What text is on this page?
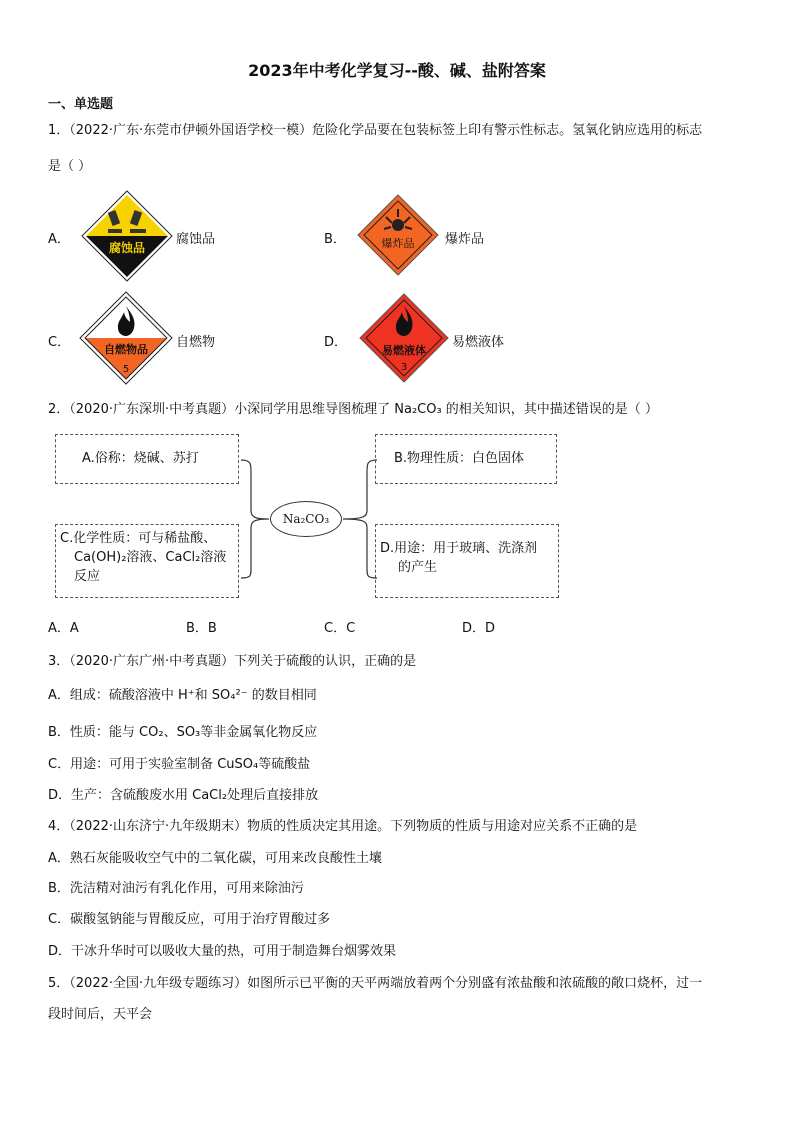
2023年中考化学复习--酸、碱、盐附答案
一、单选题
1．（2022·广东·东莞市伊顿外国语学校一模）危险化学品要在包装标签上印有警示性标志。氢氧化钠应选用的标志
是（ ）
A．
腐蚀品
腐蚀品	B．	爆炸品 爆炸品
C．	自燃物品
5
自燃物	D．
易燃液体
3
易燃液体
2．（2020·广东深圳·中考真题）小深同学用思维导图梳理了 Na₂CO₃ 的相关知识，其中描述错误的是（ ）
A.俗称：烧碱、苏打	B.物理性质：白色固体
C.化学性质：可与稀盐酸、
Ca(OH)₂溶液、CaCl₂溶液
反应
D.用途：用于玻璃、洗涤剂
的产生
Na₂CO₃
A．A	B．B	C．C	D．D
3．（2020·广东广州·中考真题）下列关于硫酸的认识，正确的是
A．组成：硫酸溶液中 H⁺和 SO₄²⁻ 的数目相同
B．性质：能与 CO₂、SO₃等非金属氧化物反应
C．用途：可用于实验室制备 CuSO₄等硫酸盐
D．生产：含硫酸废水用 CaCl₂处理后直接排放
4．（2022·山东济宁·九年级期末）物质的性质决定其用途。下列物质的性质与用途对应关系不正确的是
A．熟石灰能吸收空气中的二氧化碳，可用来改良酸性土壤
B．洗洁精对油污有乳化作用，可用来除油污
C．碳酸氢钠能与胃酸反应，可用于治疗胃酸过多
D．干冰升华时可以吸收大量的热，可用于制造舞台烟雾效果
5．（2022·全国·九年级专题练习）如图所示已平衡的天平两端放着两个分别盛有浓盐酸和浓硫酸的敞口烧杯，过一
段时间后，天平会
